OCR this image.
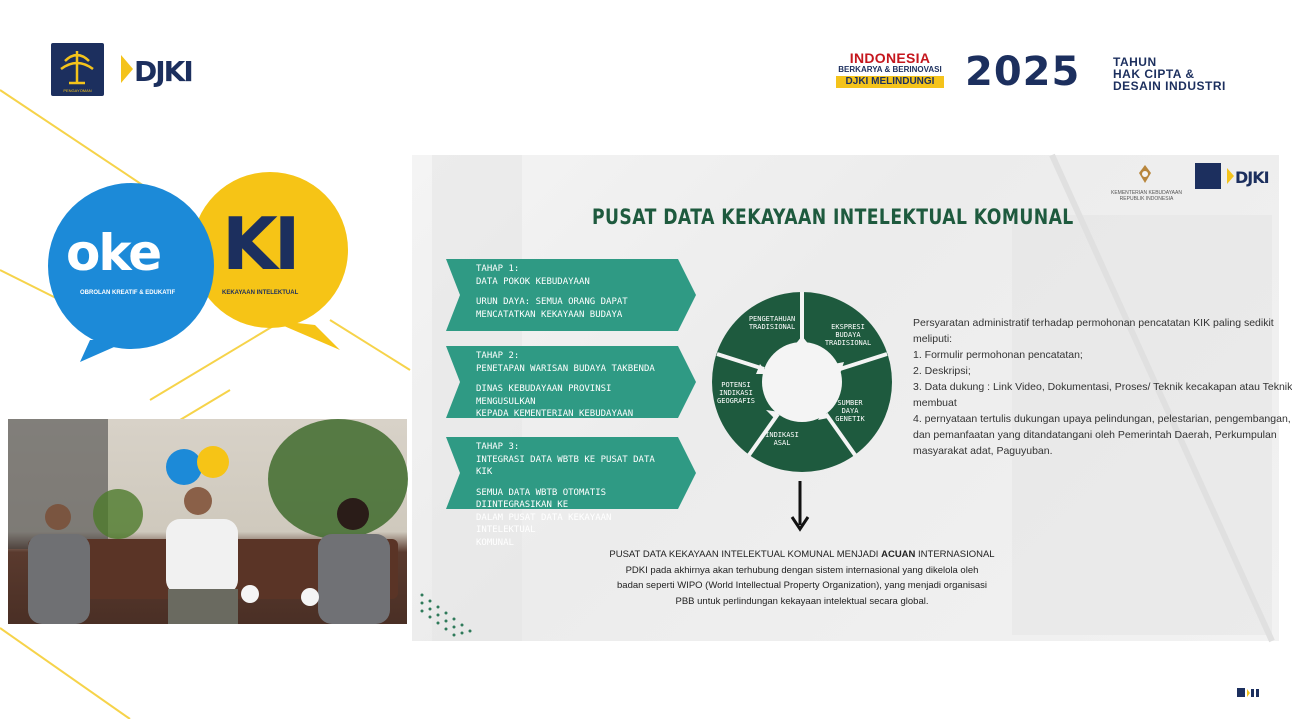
PENGAYOMAN
DJKI	INDONESIA
BERKARYA & BERINOVASI
DJKI MELINDUNGI 2025	TAHUN
HAK CIPTA &
DESAIN INDUSTRI
oke
OBROLAN KREATIF & EDUKATIF
KI
KEKAYAAN INTELEKTUAL
KEMENTERIAN KEBUDAYAAN REPUBLIK INDONESIA
DJKI
PUSAT DATA KEKAYAAN INTELEKTUAL KOMUNAL
TAHAP 1:
DATA POKOK KEBUDAYAAN
URUN DAYA: SEMUA ORANG DAPAT
MENCATATKAN KEKAYAAN BUDAYA
TAHAP 2:
PENETAPAN WARISAN BUDAYA TAKBENDA
DINAS KEBUDAYAAN PROVINSI MENGUSULKAN
KEPADA KEMENTERIAN KEBUDAYAAN
TAHAP 3:
INTEGRASI DATA WBTB KE PUSAT DATA KIK
SEMUA DATA WBTB OTOMATIS DIINTEGRASIKAN KE
DALAM PUSAT DATA KEKAYAAN INTELEKTUAL
KOMUNAL
PENGETAHUAN TRADISIONAL	EKSPRESI BUDAYA TRADISIONAL
SUMBER DAYA GENETIK
INDIKASI ASAL
POTENSI INDIKASI GEOGRAFIS
Persyaratan administratif terhadap permohonan pencatatan KIK paling sedikit
meliputi:
1. Formulir permohonan pencatatan;
2. Deskripsi;
3. Data dukung : Link Video, Dokumentasi, Proses/ Teknik kecakapan atau Teknik
membuat
4. pernyataan tertulis dukungan upaya pelindungan, pelestarian, pengembangan,
dan pemanfaatan yang ditandatangani oleh Pemerintah Daerah, Perkumpulan
masyarakat adat, Paguyuban.
PUSAT DATA KEKAYAAN INTELEKTUAL KOMUNAL MENJADI ACUAN INTERNASIONAL
PDKI pada akhirnya akan terhubung dengan sistem internasional yang dikelola oleh
badan seperti WIPO (World Intellectual Property Organization), yang menjadi organisasi
PBB untuk perlindungan kekayaan intelektual secara global.
